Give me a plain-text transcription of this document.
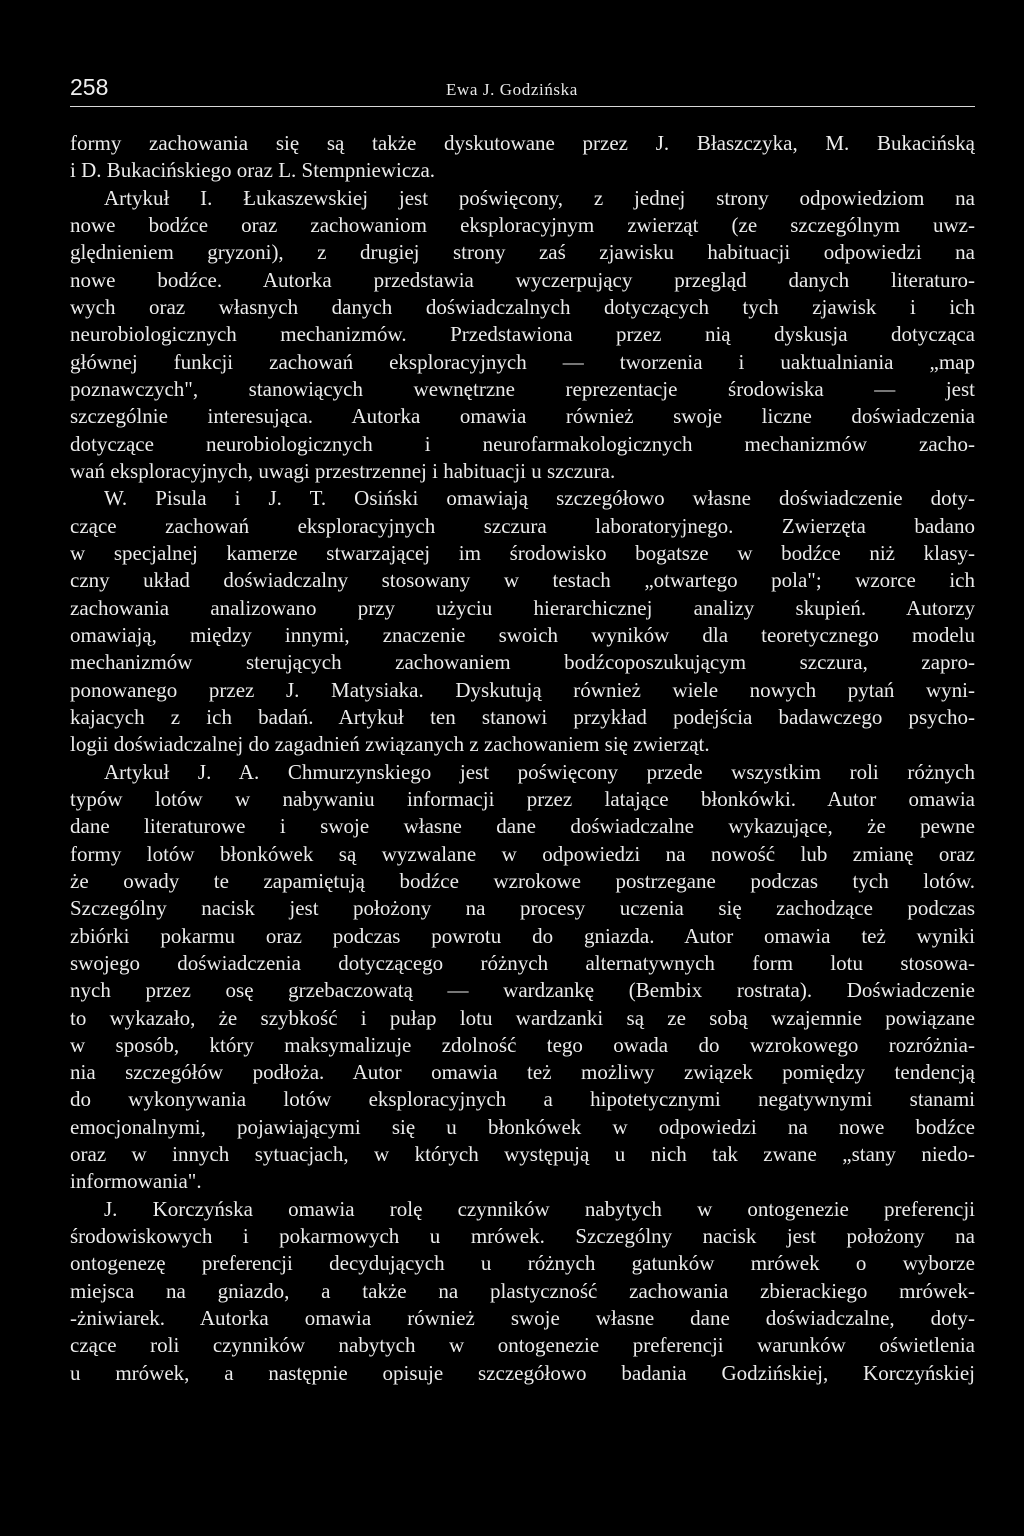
258	Ewa J. Godzińska
formy zachowania się są także dyskutowane przez J. Błaszczyka, M. Bukacińską
i D. Bukacińskiego oraz L. Stempniewicza.
Artykuł I. Łukaszewskiej jest poświęcony, z jednej strony odpowiedziom na
nowe bodźce oraz zachowaniom eksploracyjnym zwierząt (ze szczególnym uwz-
ględnieniem gryzoni), z drugiej strony zaś zjawisku habituacji odpowiedzi na
nowe bodźce. Autorka przedstawia wyczerpujący przegląd danych literaturo-
wych oraz własnych danych doświadczalnych dotyczących tych zjawisk i ich
neurobiologicznych mechanizmów. Przedstawiona przez nią dyskusja dotycząca
głównej funkcji zachowań eksploracyjnych — tworzenia i uaktualniania „map
poznawczych", stanowiących wewnętrzne reprezentacje środowiska — jest
szczególnie interesująca. Autorka omawia również swoje liczne doświadczenia
dotyczące neurobiologicznych i neurofarmakologicznych mechanizmów zacho-
wań eksploracyjnych, uwagi przestrzennej i habituacji u szczura.
W. Pisula i J. T. Osiński omawiają szczegółowo własne doświadczenie doty-
czące zachowań eksploracyjnych szczura laboratoryjnego. Zwierzęta badano
w specjalnej kamerze stwarzającej im środowisko bogatsze w bodźce niż klasy-
czny układ doświadczalny stosowany w testach „otwartego pola"; wzorce ich
zachowania analizowano przy użyciu hierarchicznej analizy skupień. Autorzy
omawiają, między innymi, znaczenie swoich wyników dla teoretycznego modelu
mechanizmów sterujących zachowaniem bodźcoposzukującym szczura, zapro-
ponowanego przez J. Matysiaka. Dyskutują również wiele nowych pytań wyni-
kajacych z ich badań. Artykuł ten stanowi przykład podejścia badawczego psycho-
logii doświadczalnej do zagadnień związanych z zachowaniem się zwierząt.
Artykuł J. A. Chmurzynskiego jest poświęcony przede wszystkim roli różnych
typów lotów w nabywaniu informacji przez latające błonkówki. Autor omawia
dane literaturowe i swoje własne dane doświadczalne wykazujące, że pewne
formy lotów błonkówek są wyzwalane w odpowiedzi na nowość lub zmianę oraz
że owady te zapamiętują bodźce wzrokowe postrzegane podczas tych lotów.
Szczególny nacisk jest położony na procesy uczenia się zachodzące podczas
zbiórki pokarmu oraz podczas powrotu do gniazda. Autor omawia też wyniki
swojego doświadczenia dotyczącego różnych alternatywnych form lotu stosowa-
nych przez osę grzebaczowatą — wardzankę (Bembix rostrata). Doświadczenie
to wykazało, że szybkość i pułap lotu wardzanki są ze sobą wzajemnie powiązane
w sposób, który maksymalizuje zdolność tego owada do wzrokowego rozróżnia-
nia szczegółów podłoża. Autor omawia też możliwy związek pomiędzy tendencją
do wykonywania lotów eksploracyjnych a hipotetycznymi negatywnymi stanami
emocjonalnymi, pojawiającymi się u błonkówek w odpowiedzi na nowe bodźce
oraz w innych sytuacjach, w których występują u nich tak zwane „stany niedo-
informowania".
J. Korczyńska omawia rolę czynników nabytych w ontogenezie preferencji
środowiskowych i pokarmowych u mrówek. Szczególny nacisk jest położony na
ontogenezę preferencji decydujących u różnych gatunków mrówek o wyborze
miejsca na gniazdo, a także na plastyczność zachowania zbierackiego mrówek-
-żniwiarek. Autorka omawia również swoje własne dane doświadczalne, doty-
czące roli czynników nabytych w ontogenezie preferencji warunków oświetlenia
u mrówek, a następnie opisuje szczegółowo badania Godzińskiej, Korczyńskiej
